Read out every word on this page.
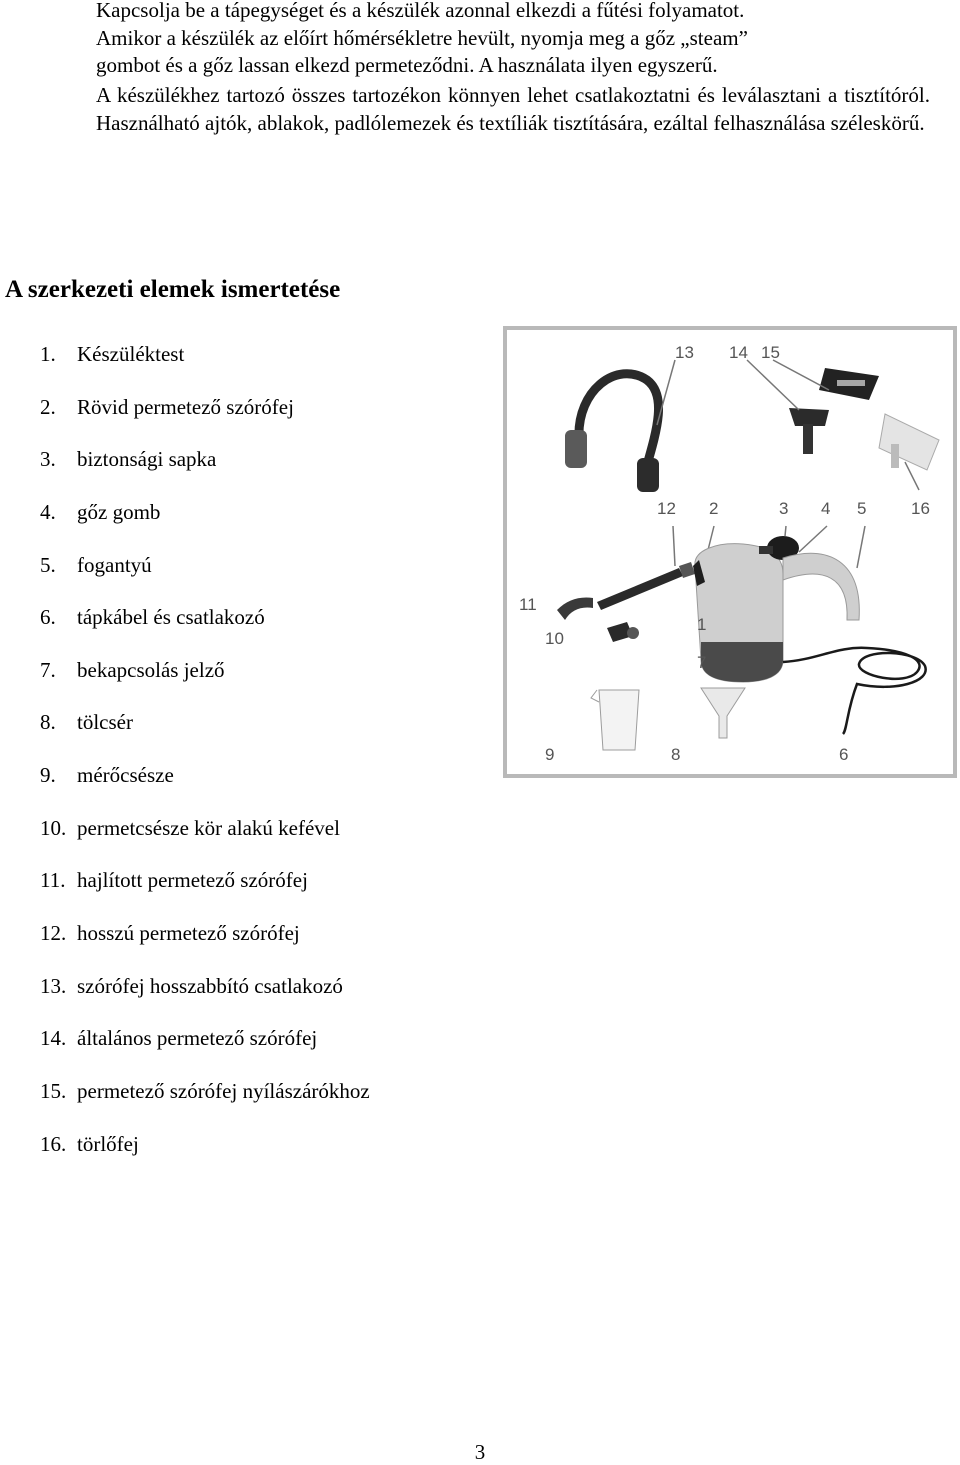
Kapcsolja be a tápegységet és a készülék azonnal elkezdi a fűtési folyamatot.

Amikor a készülék az előírt hőmérsékletre hevült, nyomja meg a gőz „steam”

gombot és a gőz lassan elkezd permeteződni. A használata ilyen egyszerű.

A készülékhez tartozó összes tartozékon könnyen lehet csatlakoztatni és leválasztani a tisztítóról. Használható ajtók, ablakok, padlólemezek és textíliák tisztítására, ezáltal felhasználása széleskörű.

A szerkezeti elemek ismertetése
1.	Készüléktest
2.	Rövid permetező szórófej
3.	biztonsági sapka
4.	gőz gomb
5.	fogantyú
6.	tápkábel és csatlakozó
7.	bekapcsolás jelző
8.	tölcsér
9.	mérőcsésze
10. permetcsésze kör alakú kefével
11. hajlított permetező szórófej
12. hosszú permetező szórófej
13. szórófej hosszabbító csatlakozó
14. általános permetező szórófej
15. permetező szórófej nyílászárókhoz
16. törlőfej
13 14 15
12 2	3 4 5	16
11
10
1
7
9	8	6
3
